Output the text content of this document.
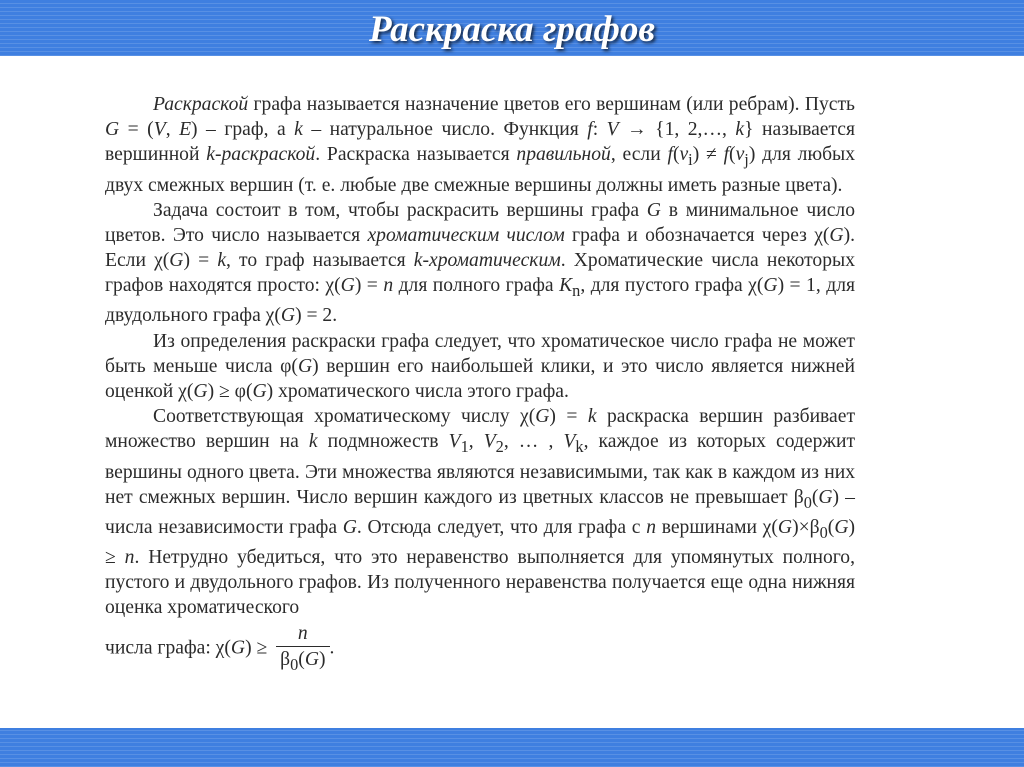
Раскраска графов

Раскраской графа называется назначение цветов его вершинам (или ребрам). Пусть G = (V, E) – граф, а k – натуральное число. Функция f: V → {1, 2,…, k} называется вершинной k-раскраской. Раскраска называется правильной, если $f(v_i) \ne f(v_j)$ для любых двух смежных вершин (т. е. любые две смежные вершины должны иметь разные цвета).

Задача состоит в том, чтобы раскрасить вершины графа G в минимальное число цветов. Это число называется хроматическим числом графа и обозначается через χ(G). Если χ(G) = k, то граф называется k-хроматическим. Хроматические числа некоторых графов находятся просто: χ(G) = n для полного графа $K_n$, для пустого графа χ(G) = 1, для двудольного графа χ(G) = 2.

Из определения раскраски графа следует, что хроматическое число графа не может быть меньше числа φ(G) вершин его наибольшей клики, и это число является нижней оценкой χ(G) ≥ φ(G) хроматического числа этого графа.

Соответствующая хроматическому числу χ(G) = k раскраска вершин разбивает множество вершин на k подмножеств $V_1$, $V_2$, … , $V_k$, каждое из которых содержит вершины одного цвета. Эти множества являются независимыми, так как в каждом из них нет смежных вершин. Число вершин каждого из цветных классов не превышает $\beta_0(G)$ – числа независимости графа G. Отсюда следует, что для графа с n вершинами $\chi(G)\times\beta_0(G) \ge n$. Нетрудно убедиться, что это неравенство выполняется для упомянутых полного, пустого и двудольного графов. Из полученного неравенства получается еще одна нижняя оценка хроматического

числа графа: $\chi(G) \ge \frac{n}{\beta_0(G)}$ .
